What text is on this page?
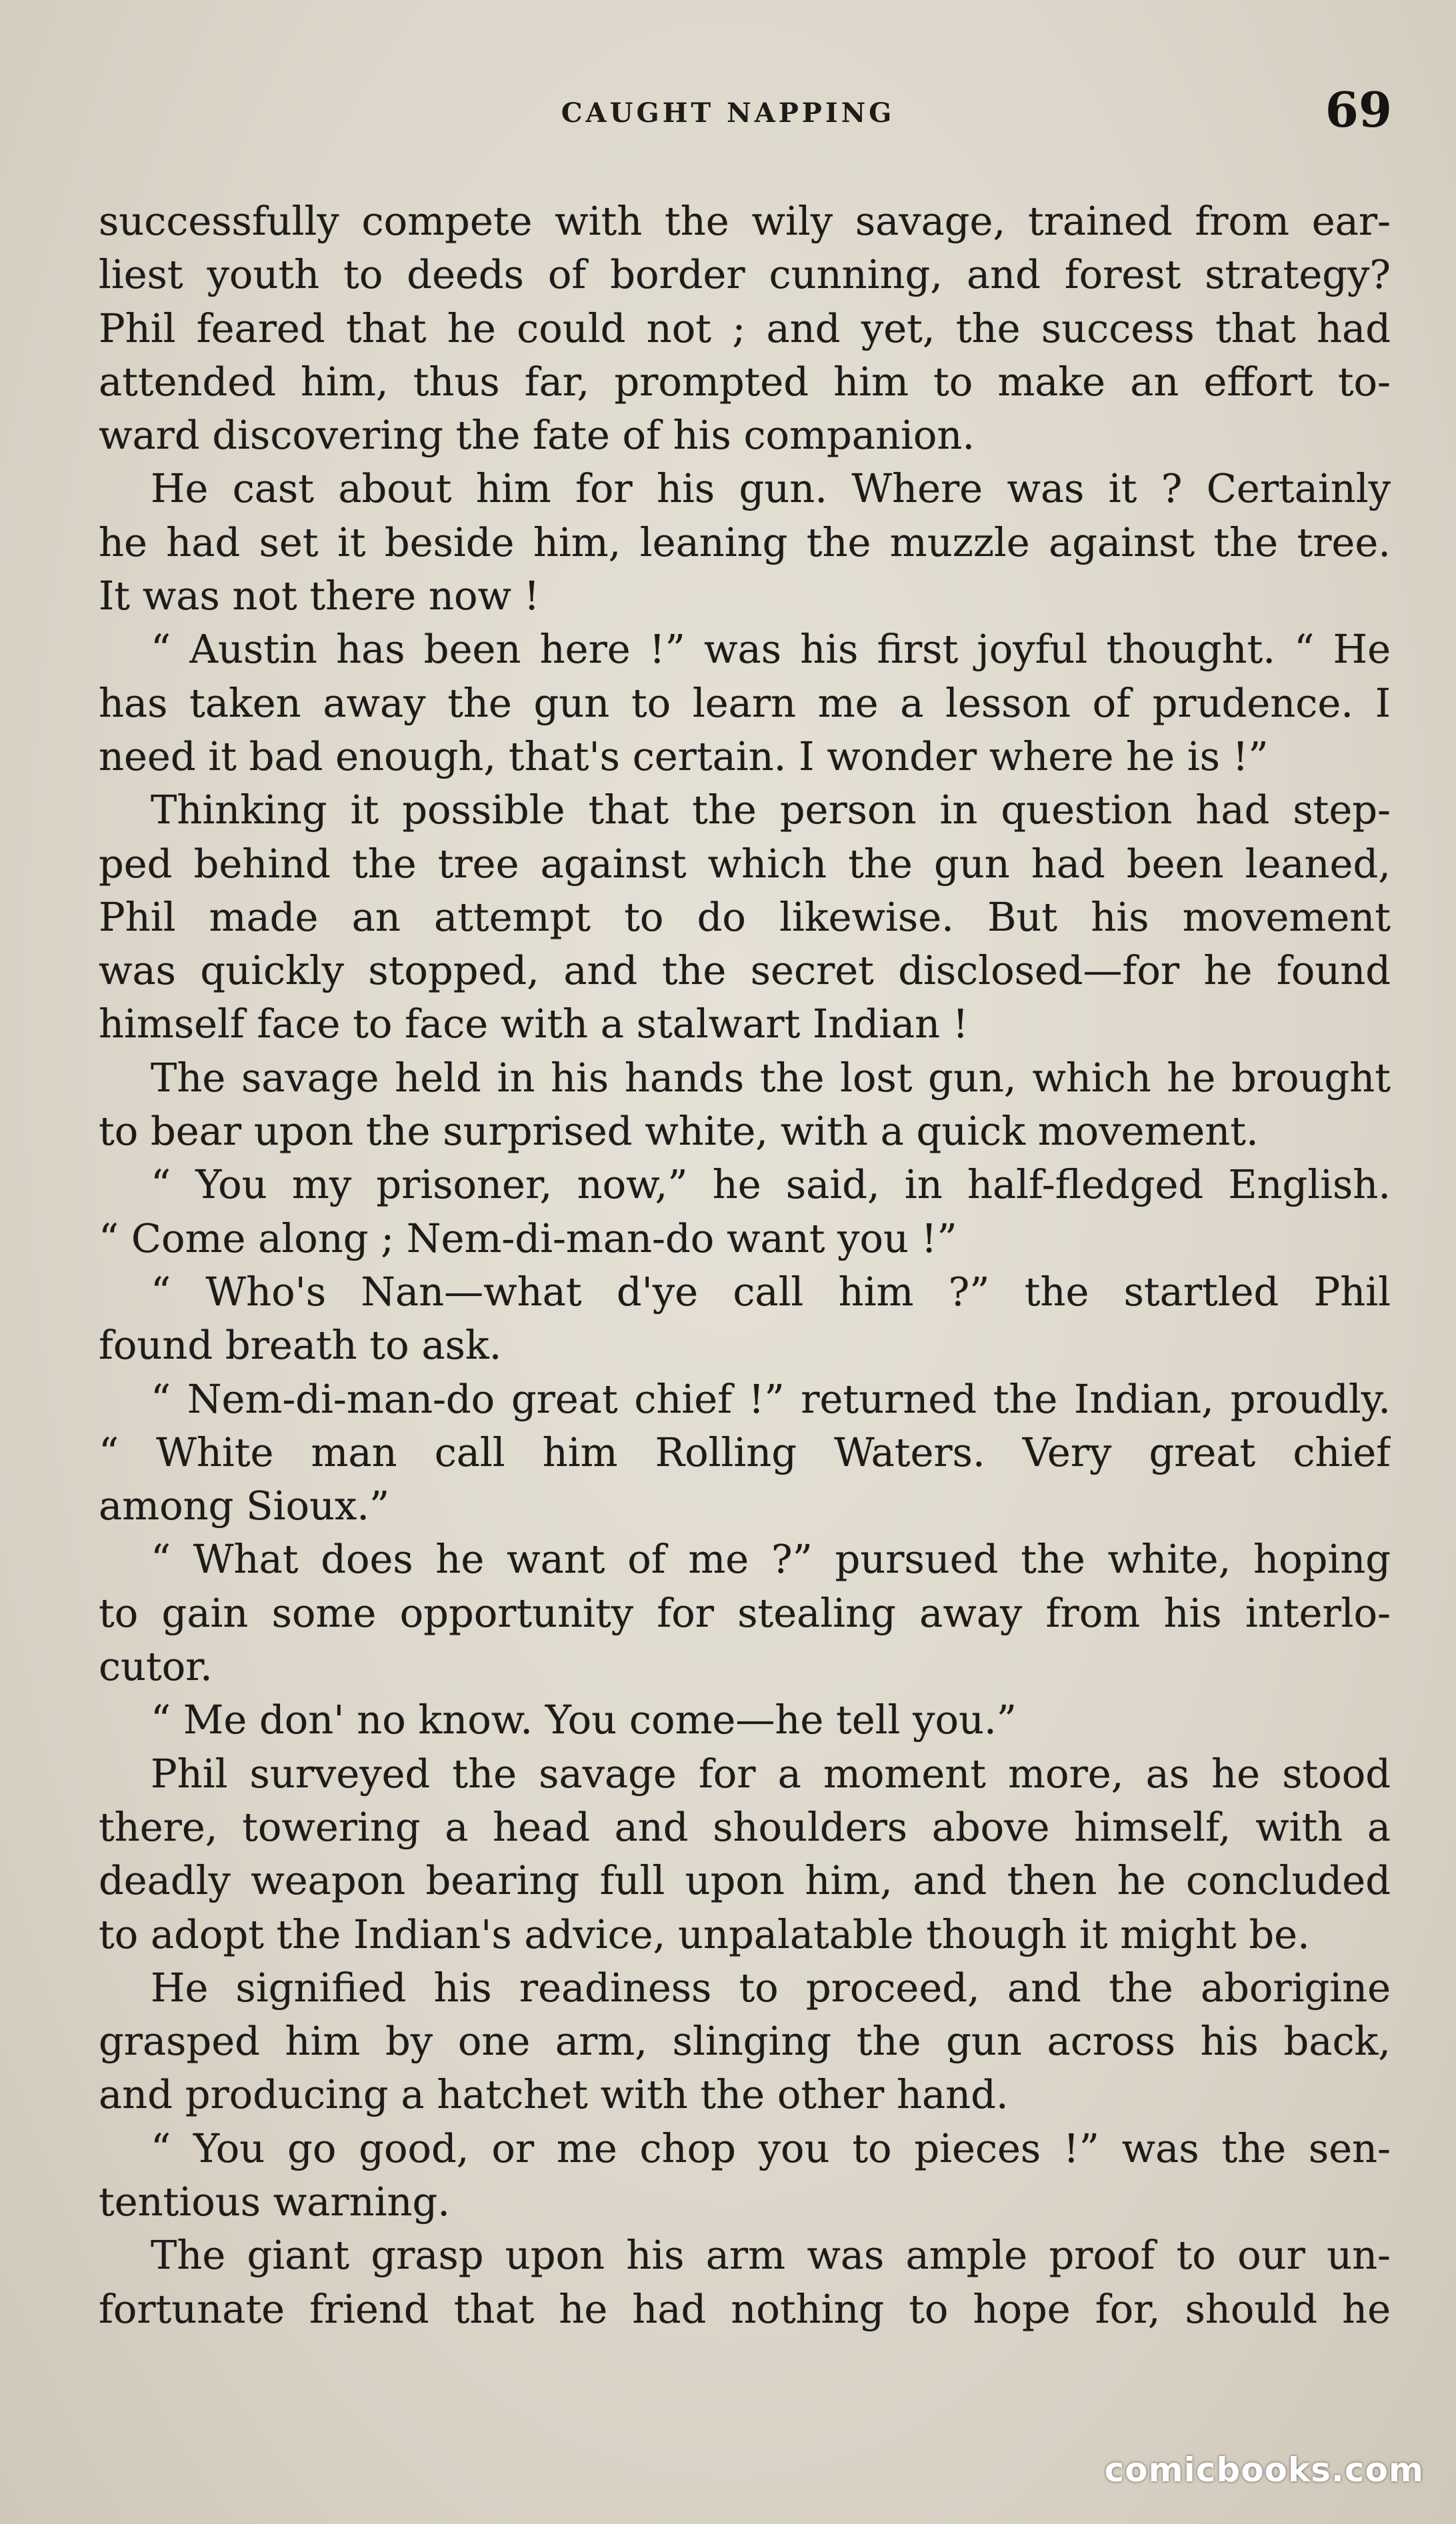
CAUGHT NAPPING	69
successfully compete with the wily savage, trained from ear-
liest youth to deeds of border cunning, and forest strategy?
Phil feared that he could not ; and yet, the success that had
attended him, thus far, prompted him to make an effort to-
ward discovering the fate of his companion.
He cast about him for his gun. Where was it ? Certainly
he had set it beside him, leaning the muzzle against the tree.
It was not there now !
“ Austin has been here !” was his first joyful thought. “ He
has taken away the gun to learn me a lesson of prudence. I
need it bad enough, that's certain. I wonder where he is !”
Thinking it possible that the person in question had step-
ped behind the tree against which the gun had been leaned,
Phil made an attempt to do likewise. But his movement
was quickly stopped, and the secret disclosed—for he found
himself face to face with a stalwart Indian !
The savage held in his hands the lost gun, which he brought
to bear upon the surprised white, with a quick movement.
“ You my prisoner, now,” he said, in half-fledged English.
“ Come along ; Nem-di-man-do want you !”
“ Who's Nan—what d'ye call him ?” the startled Phil
found breath to ask.
“ Nem-di-man-do great chief !” returned the Indian, proudly.
“ White man call him Rolling Waters. Very great chief
among Sioux.”
“ What does he want of me ?” pursued the white, hoping
to gain some opportunity for stealing away from his interlo-
cutor.
“ Me don' no know. You come—he tell you.”
Phil surveyed the savage for a moment more, as he stood
there, towering a head and shoulders above himself, with a
deadly weapon bearing full upon him, and then he concluded
to adopt the Indian's advice, unpalatable though it might be.
He signified his readiness to proceed, and the aborigine
grasped him by one arm, slinging the gun across his back,
and producing a hatchet with the other hand.
“ You go good, or me chop you to pieces !” was the sen-
tentious warning.
The giant grasp upon his arm was ample proof to our un-
fortunate friend that he had nothing to hope for, should he
comicbooks.com
